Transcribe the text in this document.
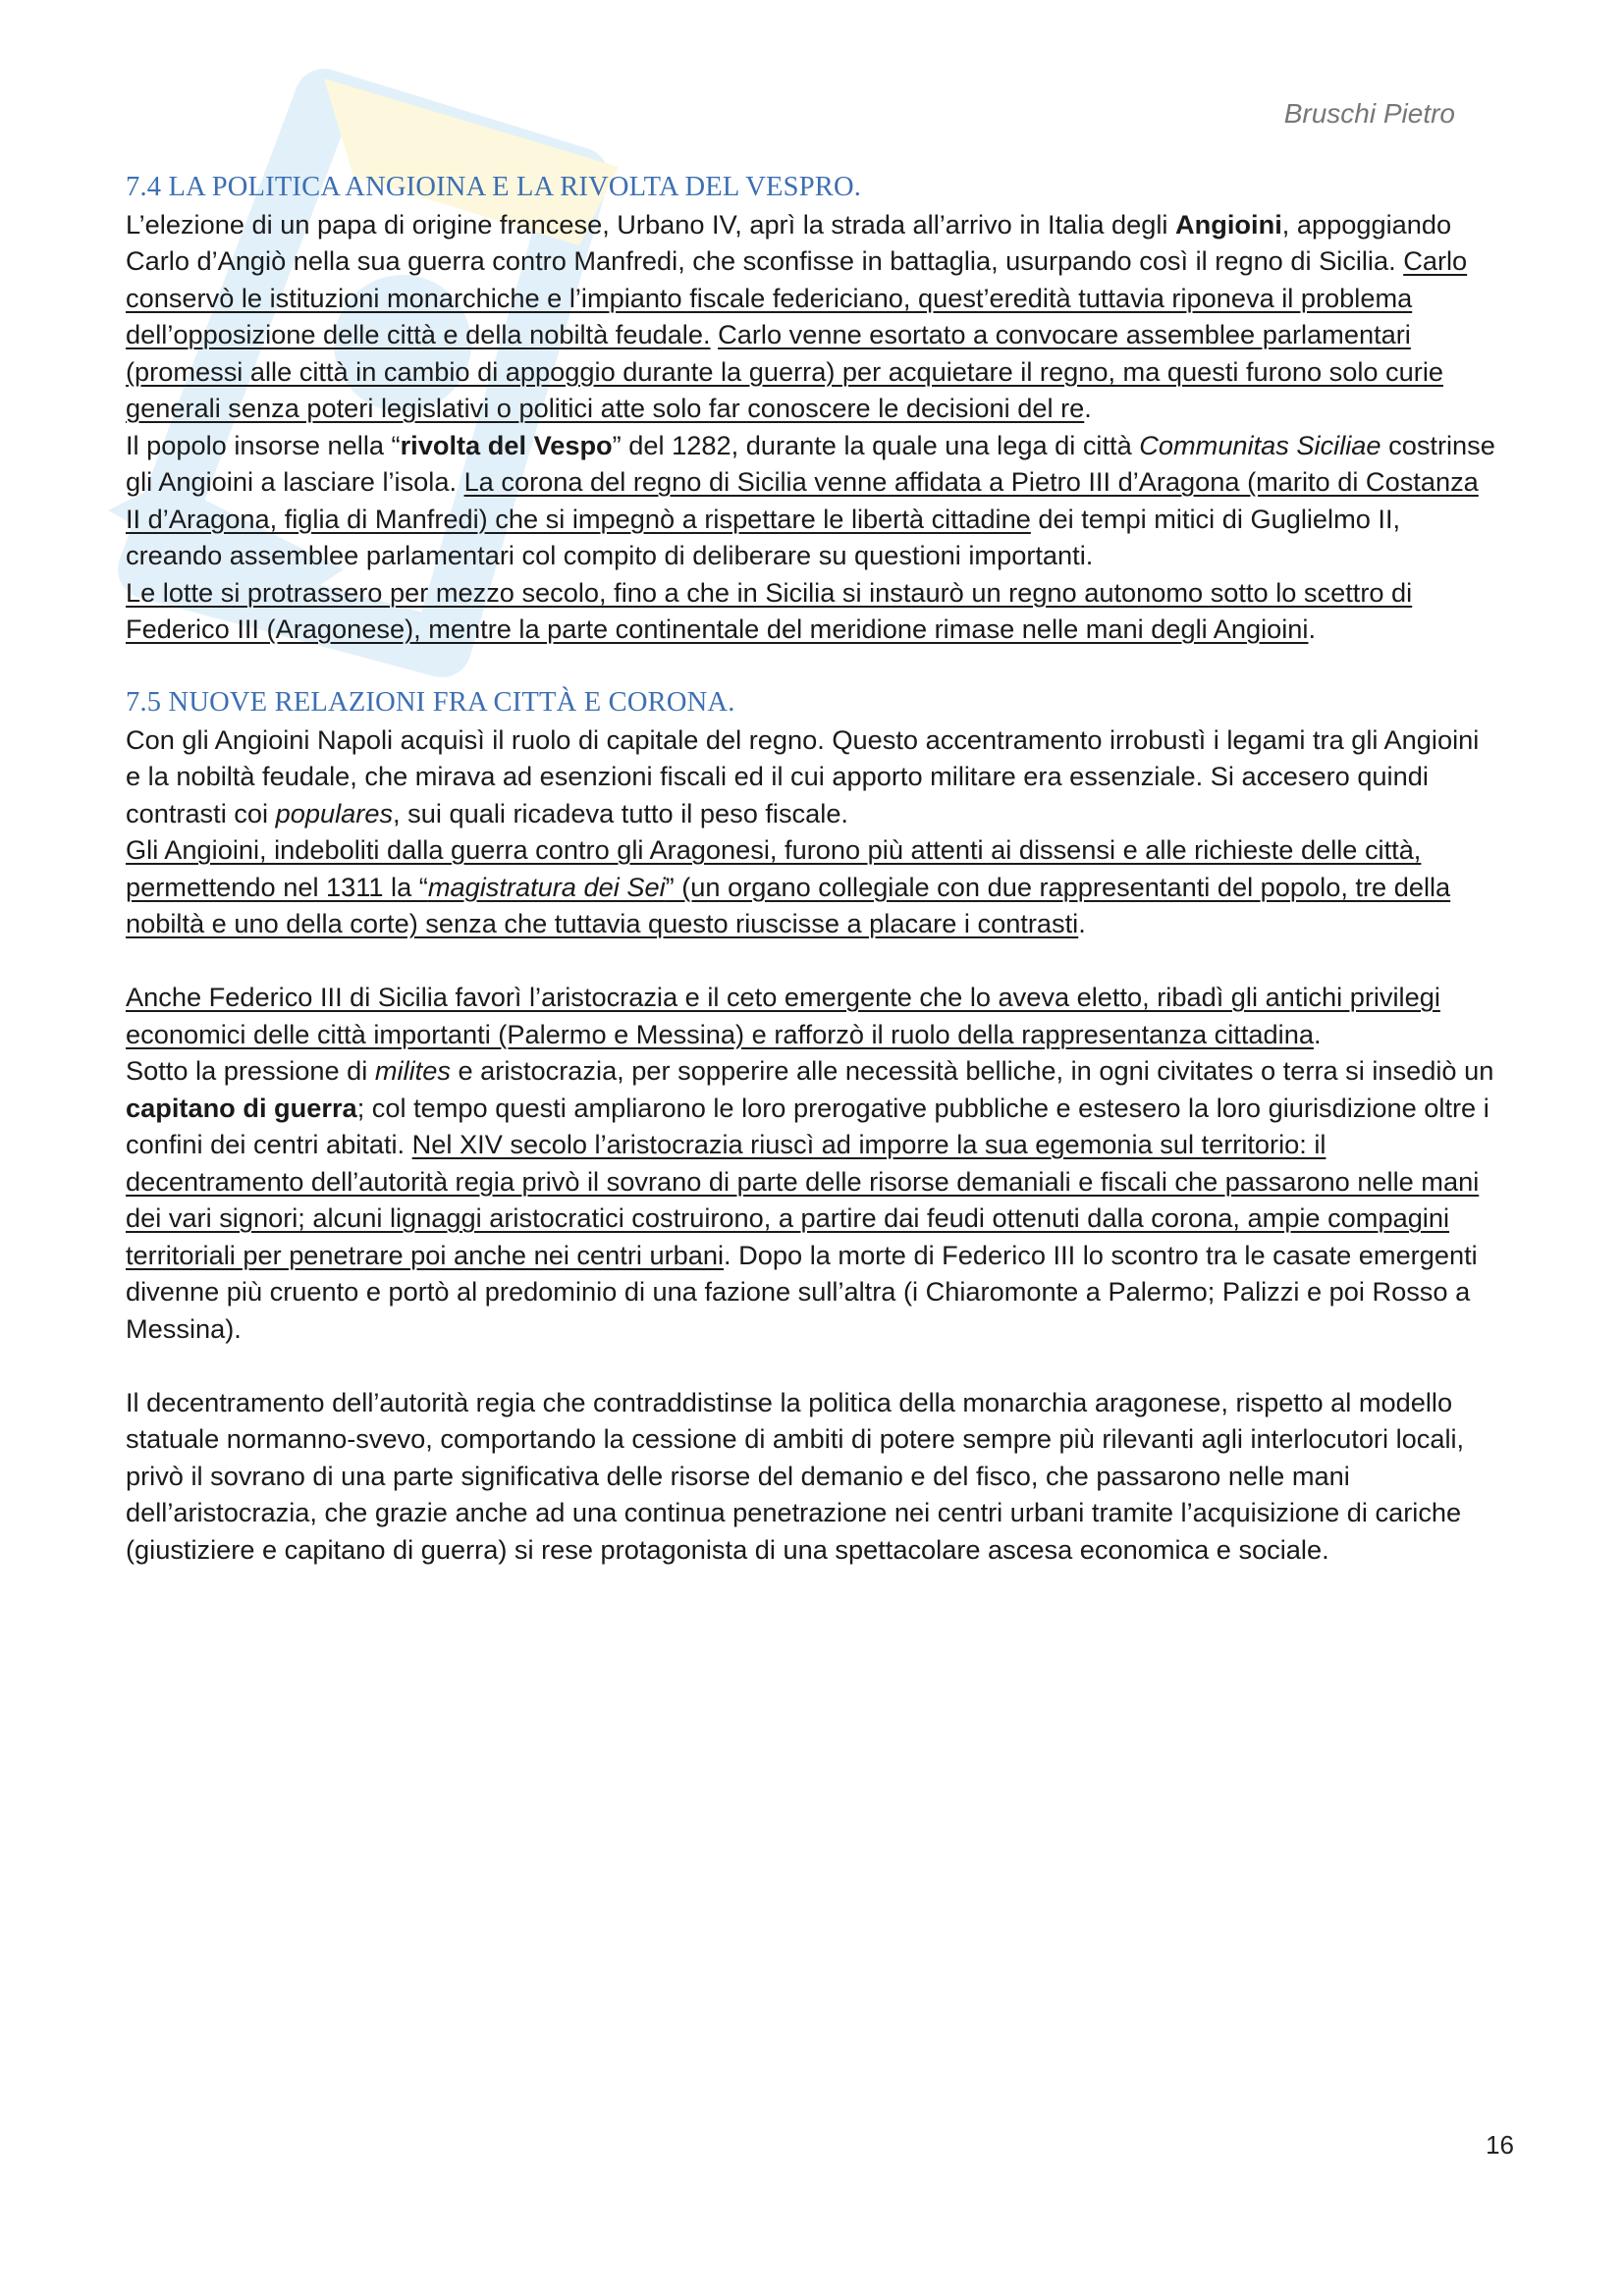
Bruschi Pietro
7.4 LA POLITICA ANGIOINA E LA RIVOLTA DEL VESPRO.

L’elezione di un papa di origine francese, Urbano IV, aprì la strada all’arrivo in Italia degli Angioini, appoggiando Carlo d’Angiò nella sua guerra contro Manfredi, che sconfisse in battaglia, usurpando così il regno di Sicilia. Carlo conservò le istituzioni monarchiche e l’impianto fiscale federiciano, quest’eredità tuttavia riponeva il problema dell’opposizione delle città e della nobiltà feudale. Carlo venne esortato a convocare assemblee parlamentari (promessi alle città in cambio di appoggio durante la guerra) per acquietare il regno, ma questi furono solo curie generali senza poteri legislativi o politici atte solo far conoscere le decisioni del re.

Il popolo insorse nella “rivolta del Vespo” del 1282, durante la quale una lega di città Communitas Siciliae costrinse gli Angioini a lasciare l’isola. La corona del regno di Sicilia venne affidata a Pietro III d’Aragona (marito di Costanza II d’Aragona, figlia di Manfredi) che si impegnò a rispettare le libertà cittadine dei tempi mitici di Guglielmo II, creando assemblee parlamentari col compito di deliberare su questioni importanti.

Le lotte si protrassero per mezzo secolo, fino a che in Sicilia si instaurò un regno autonomo sotto lo scettro di Federico III (Aragonese), mentre la parte continentale del meridione rimase nelle mani degli Angioini.

7.5 NUOVE RELAZIONI FRA CITTÀ E CORONA.

Con gli Angioini Napoli acquisì il ruolo di capitale del regno. Questo accentramento irrobustì i legami tra gli Angioini e la nobiltà feudale, che mirava ad esenzioni fiscali ed il cui apporto militare era essenziale. Si accesero quindi contrasti coi populares, sui quali ricadeva tutto il peso fiscale.

Gli Angioini, indeboliti dalla guerra contro gli Aragonesi, furono più attenti ai dissensi e alle richieste delle città, permettendo nel 1311 la “magistratura dei Sei” (un organo collegiale con due rappresentanti del popolo, tre della nobiltà e uno della corte) senza che tuttavia questo riuscisse a placare i contrasti.

Anche Federico III di Sicilia favorì l’aristocrazia e il ceto emergente che lo aveva eletto, ribadì gli antichi privilegi economici delle città importanti (Palermo e Messina) e rafforzò il ruolo della rappresentanza cittadina.

Sotto la pressione di milites e aristocrazia, per sopperire alle necessità belliche, in ogni civitates o terra si insediò un capitano di guerra; col tempo questi ampliarono le loro prerogative pubbliche e estesero la loro giurisdizione oltre i confini dei centri abitati. Nel XIV secolo l’aristocrazia riuscì ad imporre la sua egemonia sul territorio: il decentramento dell’autorità regia privò il sovrano di parte delle risorse demaniali e fiscali che passarono nelle mani dei vari signori; alcuni lignaggi aristocratici costruirono, a partire dai feudi ottenuti dalla corona, ampie compagini territoriali per penetrare poi anche nei centri urbani. Dopo la morte di Federico III lo scontro tra le casate emergenti divenne più cruento e portò al predominio di una fazione sull’altra (i Chiaromonte a Palermo; Palizzi e poi Rosso a Messina).

Il decentramento dell’autorità regia che contraddistinse la politica della monarchia aragonese, rispetto al modello statuale normanno-svevo, comportando la cessione di ambiti di potere sempre più rilevanti agli interlocutori locali, privò il sovrano di una parte significativa delle risorse del demanio e del fisco, che passarono nelle mani dell’aristocrazia, che grazie anche ad una continua penetrazione nei centri urbani tramite l’acquisizione di cariche (giustiziere e capitano di guerra) si rese protagonista di una spettacolare ascesa economica e sociale.

16
